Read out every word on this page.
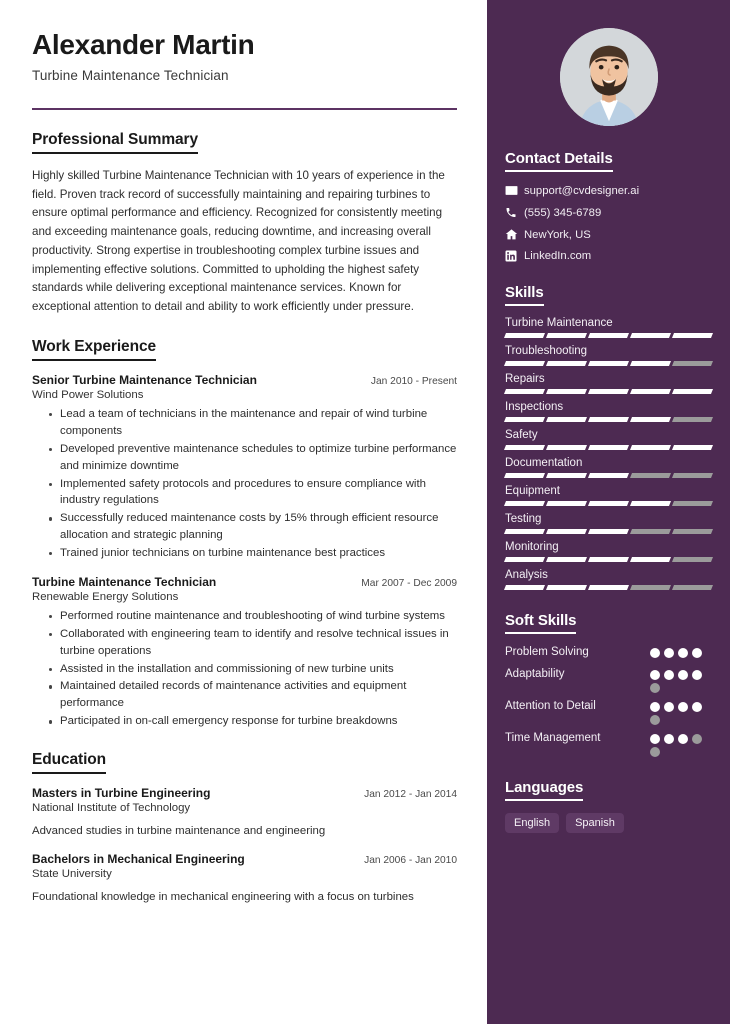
Alexander Martin
Turbine Maintenance Technician
Professional Summary

Highly skilled Turbine Maintenance Technician with 10 years of experience in the field. Proven track record of successfully maintaining and repairing turbines to ensure optimal performance and efficiency. Recognized for consistently meeting and exceeding maintenance goals, reducing downtime, and increasing overall productivity. Strong expertise in troubleshooting complex turbine issues and implementing effective solutions. Committed to upholding the highest safety standards while delivering exceptional maintenance services. Known for exceptional attention to detail and ability to work efficiently under pressure.

Work Experience
Senior Turbine Maintenance Technician	Jan 2010 - Present
Wind Power Solutions
Lead a team of technicians in the maintenance and repair of wind turbine components
Developed preventive maintenance schedules to optimize turbine performance and minimize downtime
Implemented safety protocols and procedures to ensure compliance with industry regulations
Successfully reduced maintenance costs by 15% through efficient resource allocation and strategic planning
Trained junior technicians on turbine maintenance best practices
Turbine Maintenance Technician	Mar 2007 - Dec 2009
Renewable Energy Solutions
Performed routine maintenance and troubleshooting of wind turbine systems
Collaborated with engineering team to identify and resolve technical issues in turbine operations
Assisted in the installation and commissioning of new turbine units
Maintained detailed records of maintenance activities and equipment performance
Participated in on-call emergency response for turbine breakdowns
Education
Masters in Turbine Engineering	Jan 2012 - Jan 2014
National Institute of Technology
Advanced studies in turbine maintenance and engineering
Bachelors in Mechanical Engineering	Jan 2006 - Jan 2010
State University
Foundational knowledge in mechanical engineering with a focus on turbines
Contact Details
support@cvdesigner.ai
(555) 345-6789
NewYork, US
LinkedIn.com
Skills
Turbine Maintenance
Troubleshooting
Repairs
Inspections
Safety
Documentation
Equipment
Testing
Monitoring
Analysis
Soft Skills
Problem Solving
Adaptability
Attention to Detail
Time Management
Languages
English	Spanish
